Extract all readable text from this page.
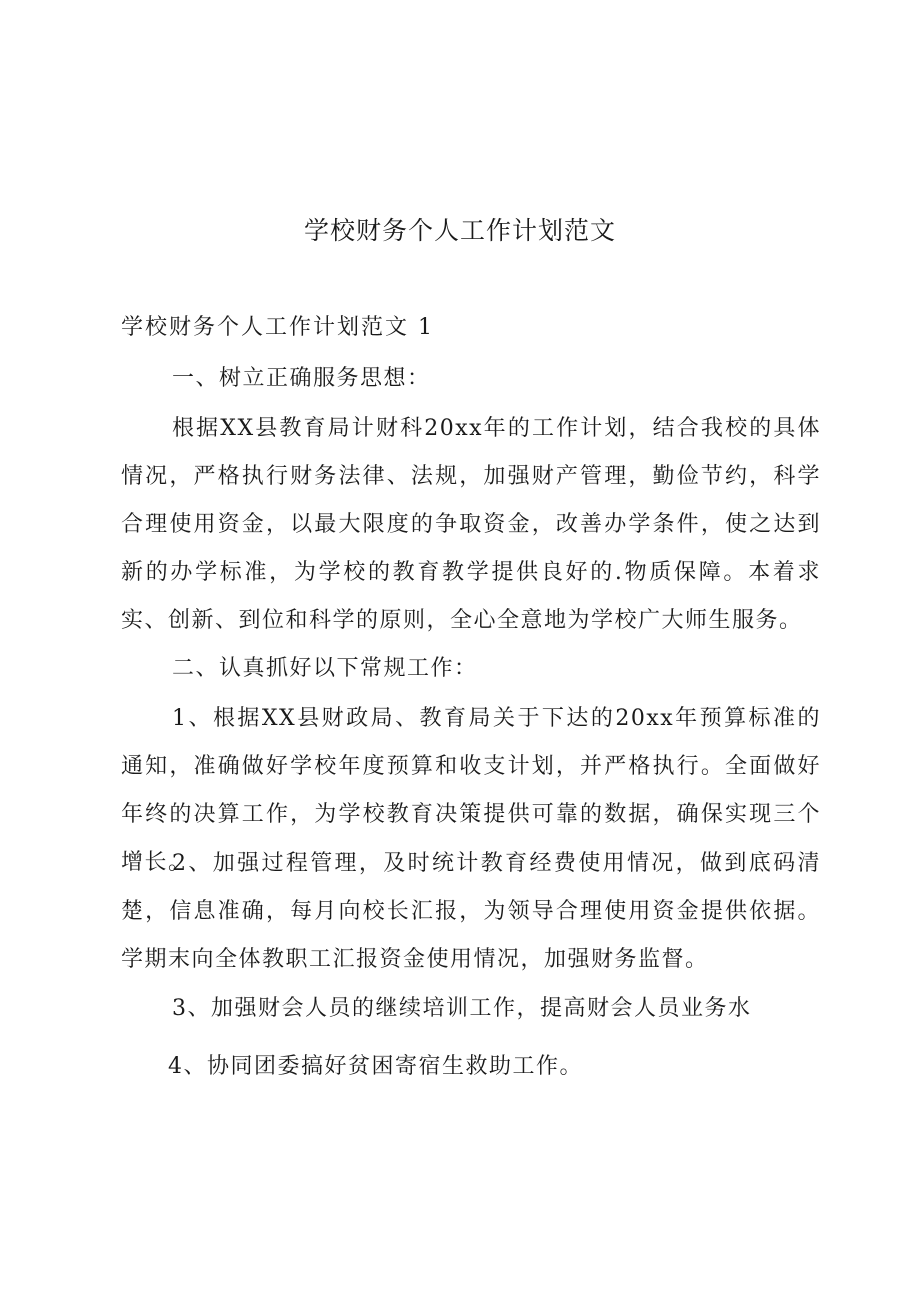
学校财务个人工作计划范文
学校财务个人工作计划范文 1
一、树立正确服务思想：
根据XX县教育局计财科20xx年的工作计划，结合我校的具体情况，严格执行财务法律、法规，加强财产管理，勤俭节约，科学合理使用资金，以最大限度的争取资金，改善办学条件，使之达到新的办学标准，为学校的教育教学提供良好的.物质保障。本着求实、创新、到位和科学的原则，全心全意地为学校广大师生服务。
二、认真抓好以下常规工作：
1、根据XX县财政局、教育局关于下达的20xx年预算标准的通知，准确做好学校年度预算和收支计划，并严格执行。全面做好年终的决算工作，为学校教育决策提供可靠的数据，确保实现三个增长。
2、加强过程管理，及时统计教育经费使用情况，做到底码清楚，信息准确，每月向校长汇报，为领导合理使用资金提供依据。学期末向全体教职工汇报资金使用情况，加强财务监督。
3、加强财会人员的继续培训工作，提高财会人员业务水
4、协同团委搞好贫困寄宿生救助工作。
